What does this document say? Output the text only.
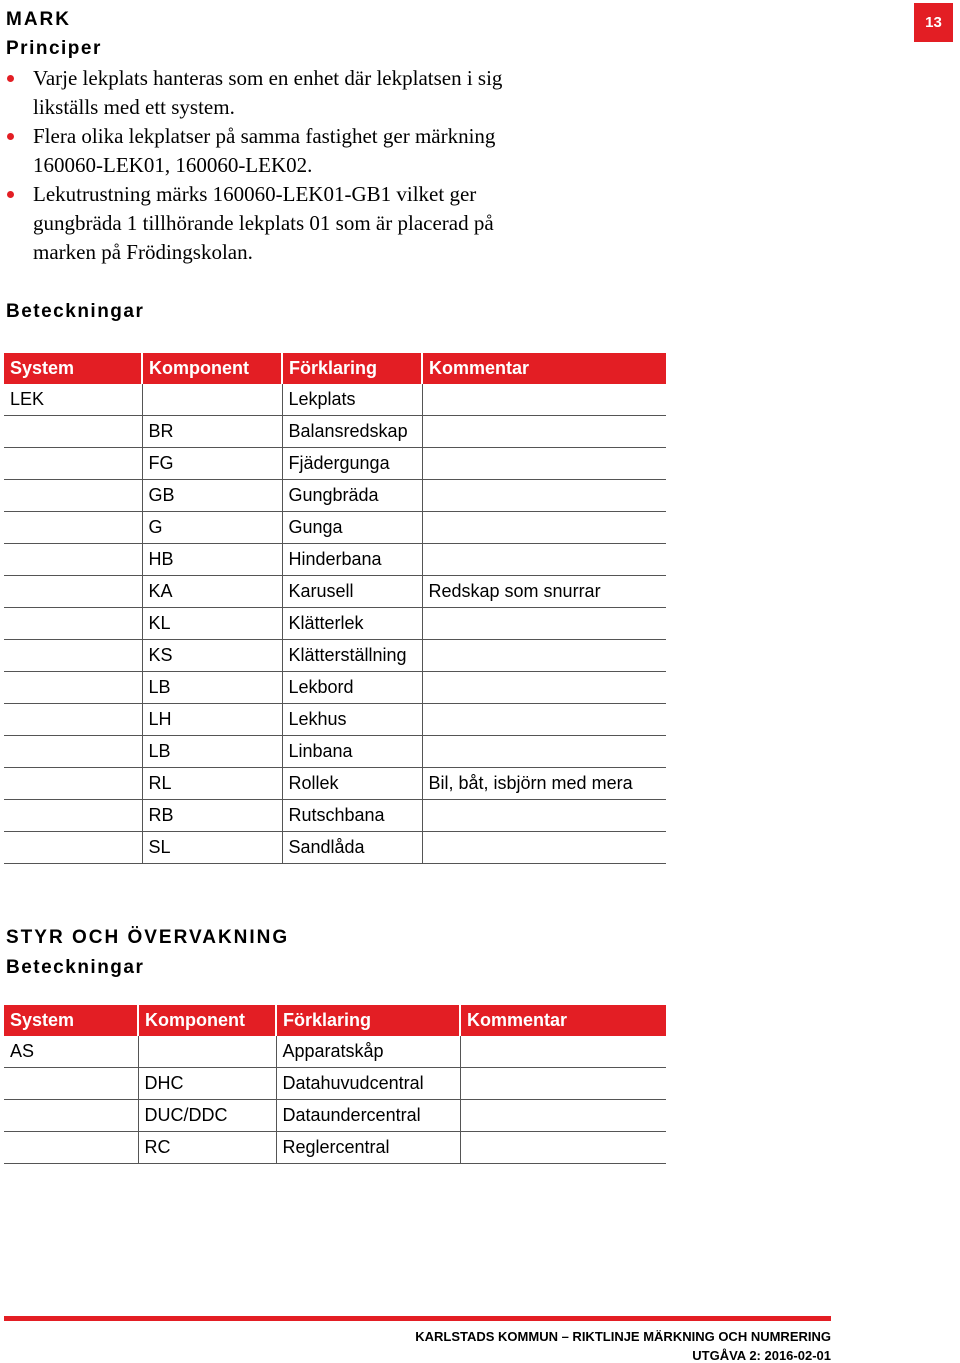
13
MARK
Principer
Varje lekplats hanteras som en enhet där lekplatsen i sig likställs med ett system.
Flera olika lekplatser på samma fastighet ger märkning 160060-LEK01, 160060-LEK02.
Lekutrustning märks 160060-LEK01-GB1 vilket ger gungbräda 1 tillhörande lekplats 01 som är placerad på marken på Frödingskolan.
Beteckningar
System	Komponent	Förklaring	Kommentar
LEK		Lekplats	
	BR	Balansredskap	
	FG	Fjädergunga	
	GB	Gungbräda	
	G	Gunga	
	HB	Hinderbana	
	KA	Karusell	Redskap som snurrar
	KL	Klätterlek	
	KS	Klätterställning	
	LB	Lekbord	
	LH	Lekhus	
	LB	Linbana	
	RL	Rollek	Bil, båt, isbjörn med mera
	RB	Rutschbana	
	SL	Sandlåda	
STYR OCH ÖVERVAKNING
Beteckningar
System	Komponent	Förklaring	Kommentar
AS		Apparatskåp	
	DHC	Datahuvudcentral	
	DUC/DDC	Dataundercentral	
	RC	Reglercentral	
KARLSTADS KOMMUN – RIKTLINJE MÄRKNING OCH NUMRERING
UTGÅVA 2: 2016-02-01
